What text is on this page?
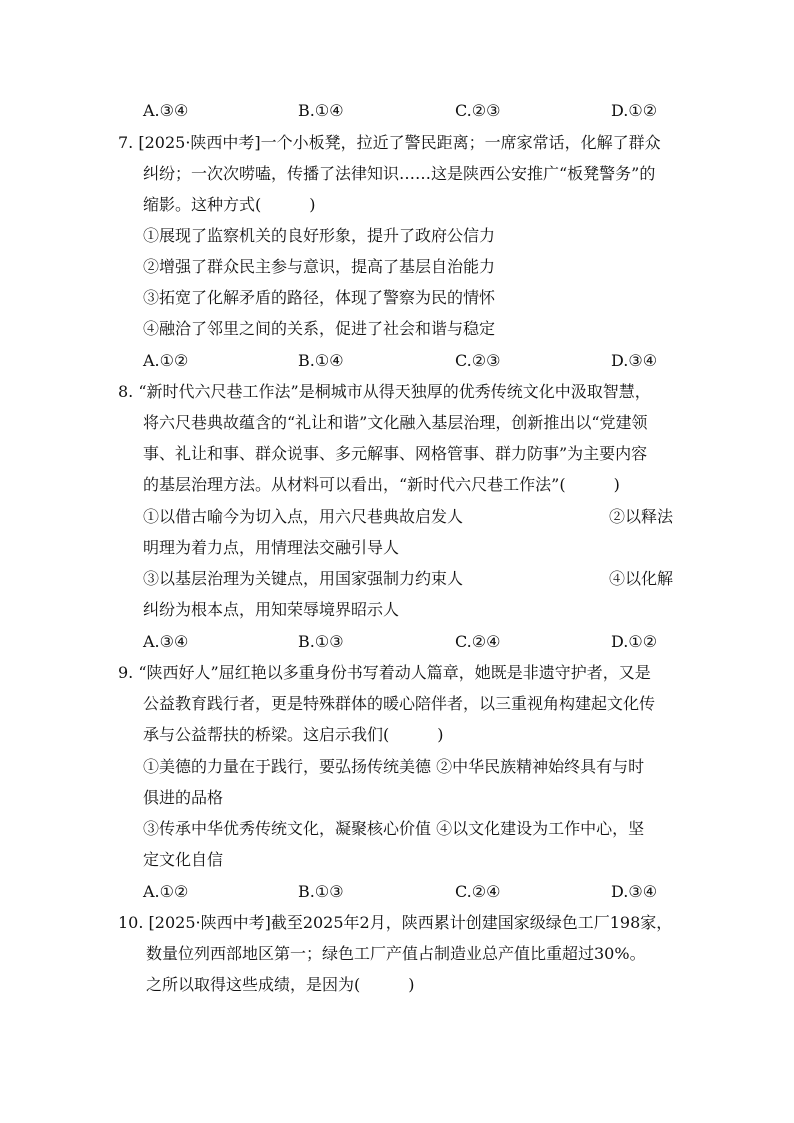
A.③④	B.①④	C.②③	D.①②
7. [2025·陕西中考]一个小板凳，拉近了警民距离；一席家常话，化解了群众
纠纷；一次次唠嗑，传播了法律知识……这是陕西公安推广“板凳警务”的
缩影。这种方式(　　　)
①展现了监察机关的良好形象，提升了政府公信力
②增强了群众民主参与意识，提高了基层自治能力
③拓宽了化解矛盾的路径，体现了警察为民的情怀
④融洽了邻里之间的关系，促进了社会和谐与稳定
A.①②	B.①④	C.②③	D.③④
8. “新时代六尺巷工作法”是桐城市从得天独厚的优秀传统文化中汲取智慧，
将六尺巷典故蕴含的“礼让和谐”文化融入基层治理，创新推出以“党建领
事、礼让和事、群众说事、多元解事、网格管事、群力防事”为主要内容
的基层治理方法。从材料可以看出，“新时代六尺巷工作法”(　　　)
①以借古喻今为切入点，用六尺巷典故启发人	②以释法
明理为着力点，用情理法交融引导人
③以基层治理为关键点，用国家强制力约束人	④以化解
纠纷为根本点，用知荣辱境界昭示人
A.③④	B.①③	C.②④	D.①②
9. “陕西好人”屈红艳以多重身份书写着动人篇章，她既是非遗守护者，又是
公益教育践行者，更是特殊群体的暖心陪伴者，以三重视角构建起文化传
承与公益帮扶的桥梁。这启示我们(　　　)
①美德的力量在于践行，要弘扬传统美德 ②中华民族精神始终具有与时
俱进的品格
③传承中华优秀传统文化，凝聚核心价值 ④以文化建设为工作中心，坚
定文化自信
A.①②	B.①③	C.②④	D.③④
10. [2025·陕西中考]截至2025年2月，陕西累计创建国家级绿色工厂198家，
数量位列西部地区第一；绿色工厂产值占制造业总产值比重超过30%。
之所以取得这些成绩，是因为(　　　)
